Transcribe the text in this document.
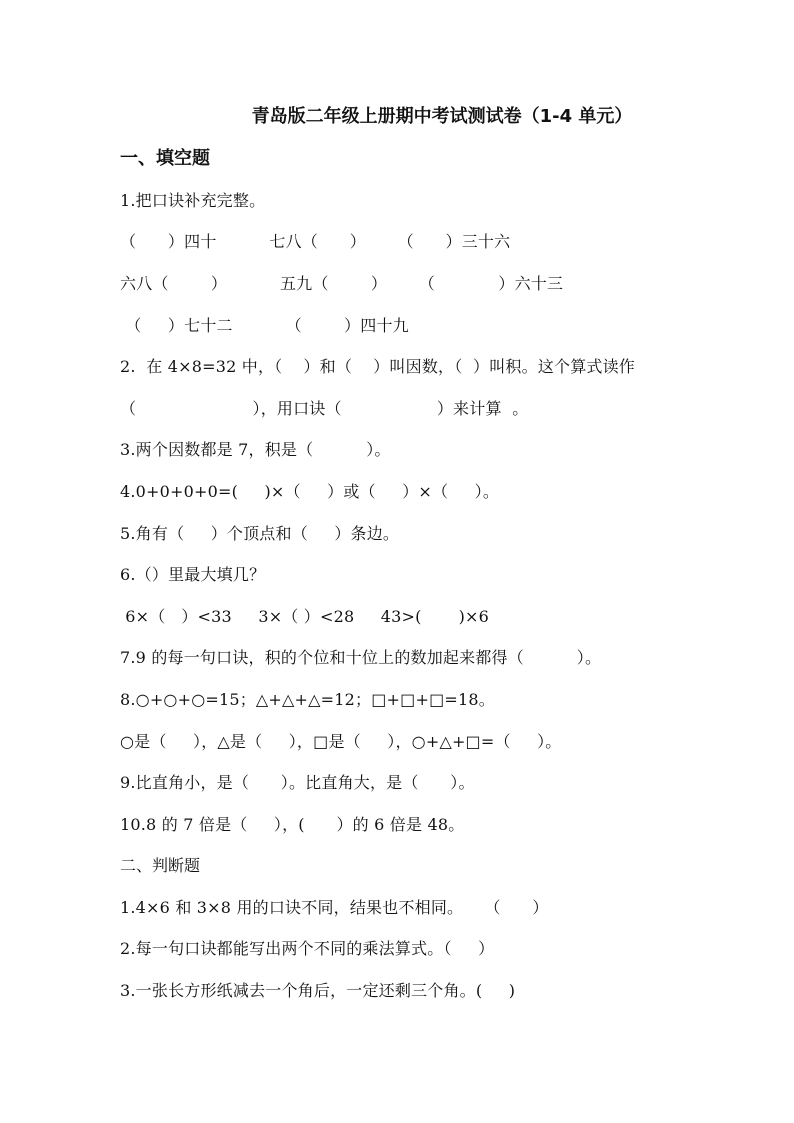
青岛版二年级上册期中考试测试卷（1-4 单元）
一、填空题
1.把口诀补充完整。
（      ）四十          七八（      ）      （      ）三十六
六八（        ）          五九（        ）      （            ）六十三
（     ）七十二          （        ）四十九
2.  在 4×8=32 中，（    ）和（    ）叫因数，（  ）叫积。这个算式读作
（                      ），用口诀（                  ）来计算  。
3.两个因数都是 7，积是（          ）。
4.0+0+0+0=(     )×（     ）或（     ）×（     ）。
5.角有（     ）个顶点和（     ）条边。
6.（）里最大填几？
6×（   ）<33     3×（ ）<28     43>(       )×6
7.9 的每一句口诀，积的个位和十位上的数加起来都得（          ）。
8.○+○+○=15；△+△+△=12；□+□+□=18。
○是（     ），△是（     ），□是（     ），○+△+□=（     ）。
9.比直角小，是（      ）。比直角大，是（      ）。
10.8 的 7 倍是（     ），(      ）的 6 倍是 48。
二、判断题
1.4×6 和 3×8 用的口诀不同，结果也不相同。    （      ）
2.每一句口诀都能写出两个不同的乘法算式。（     ）
3.一张长方形纸减去一个角后，一定还剩三个角。(     )
